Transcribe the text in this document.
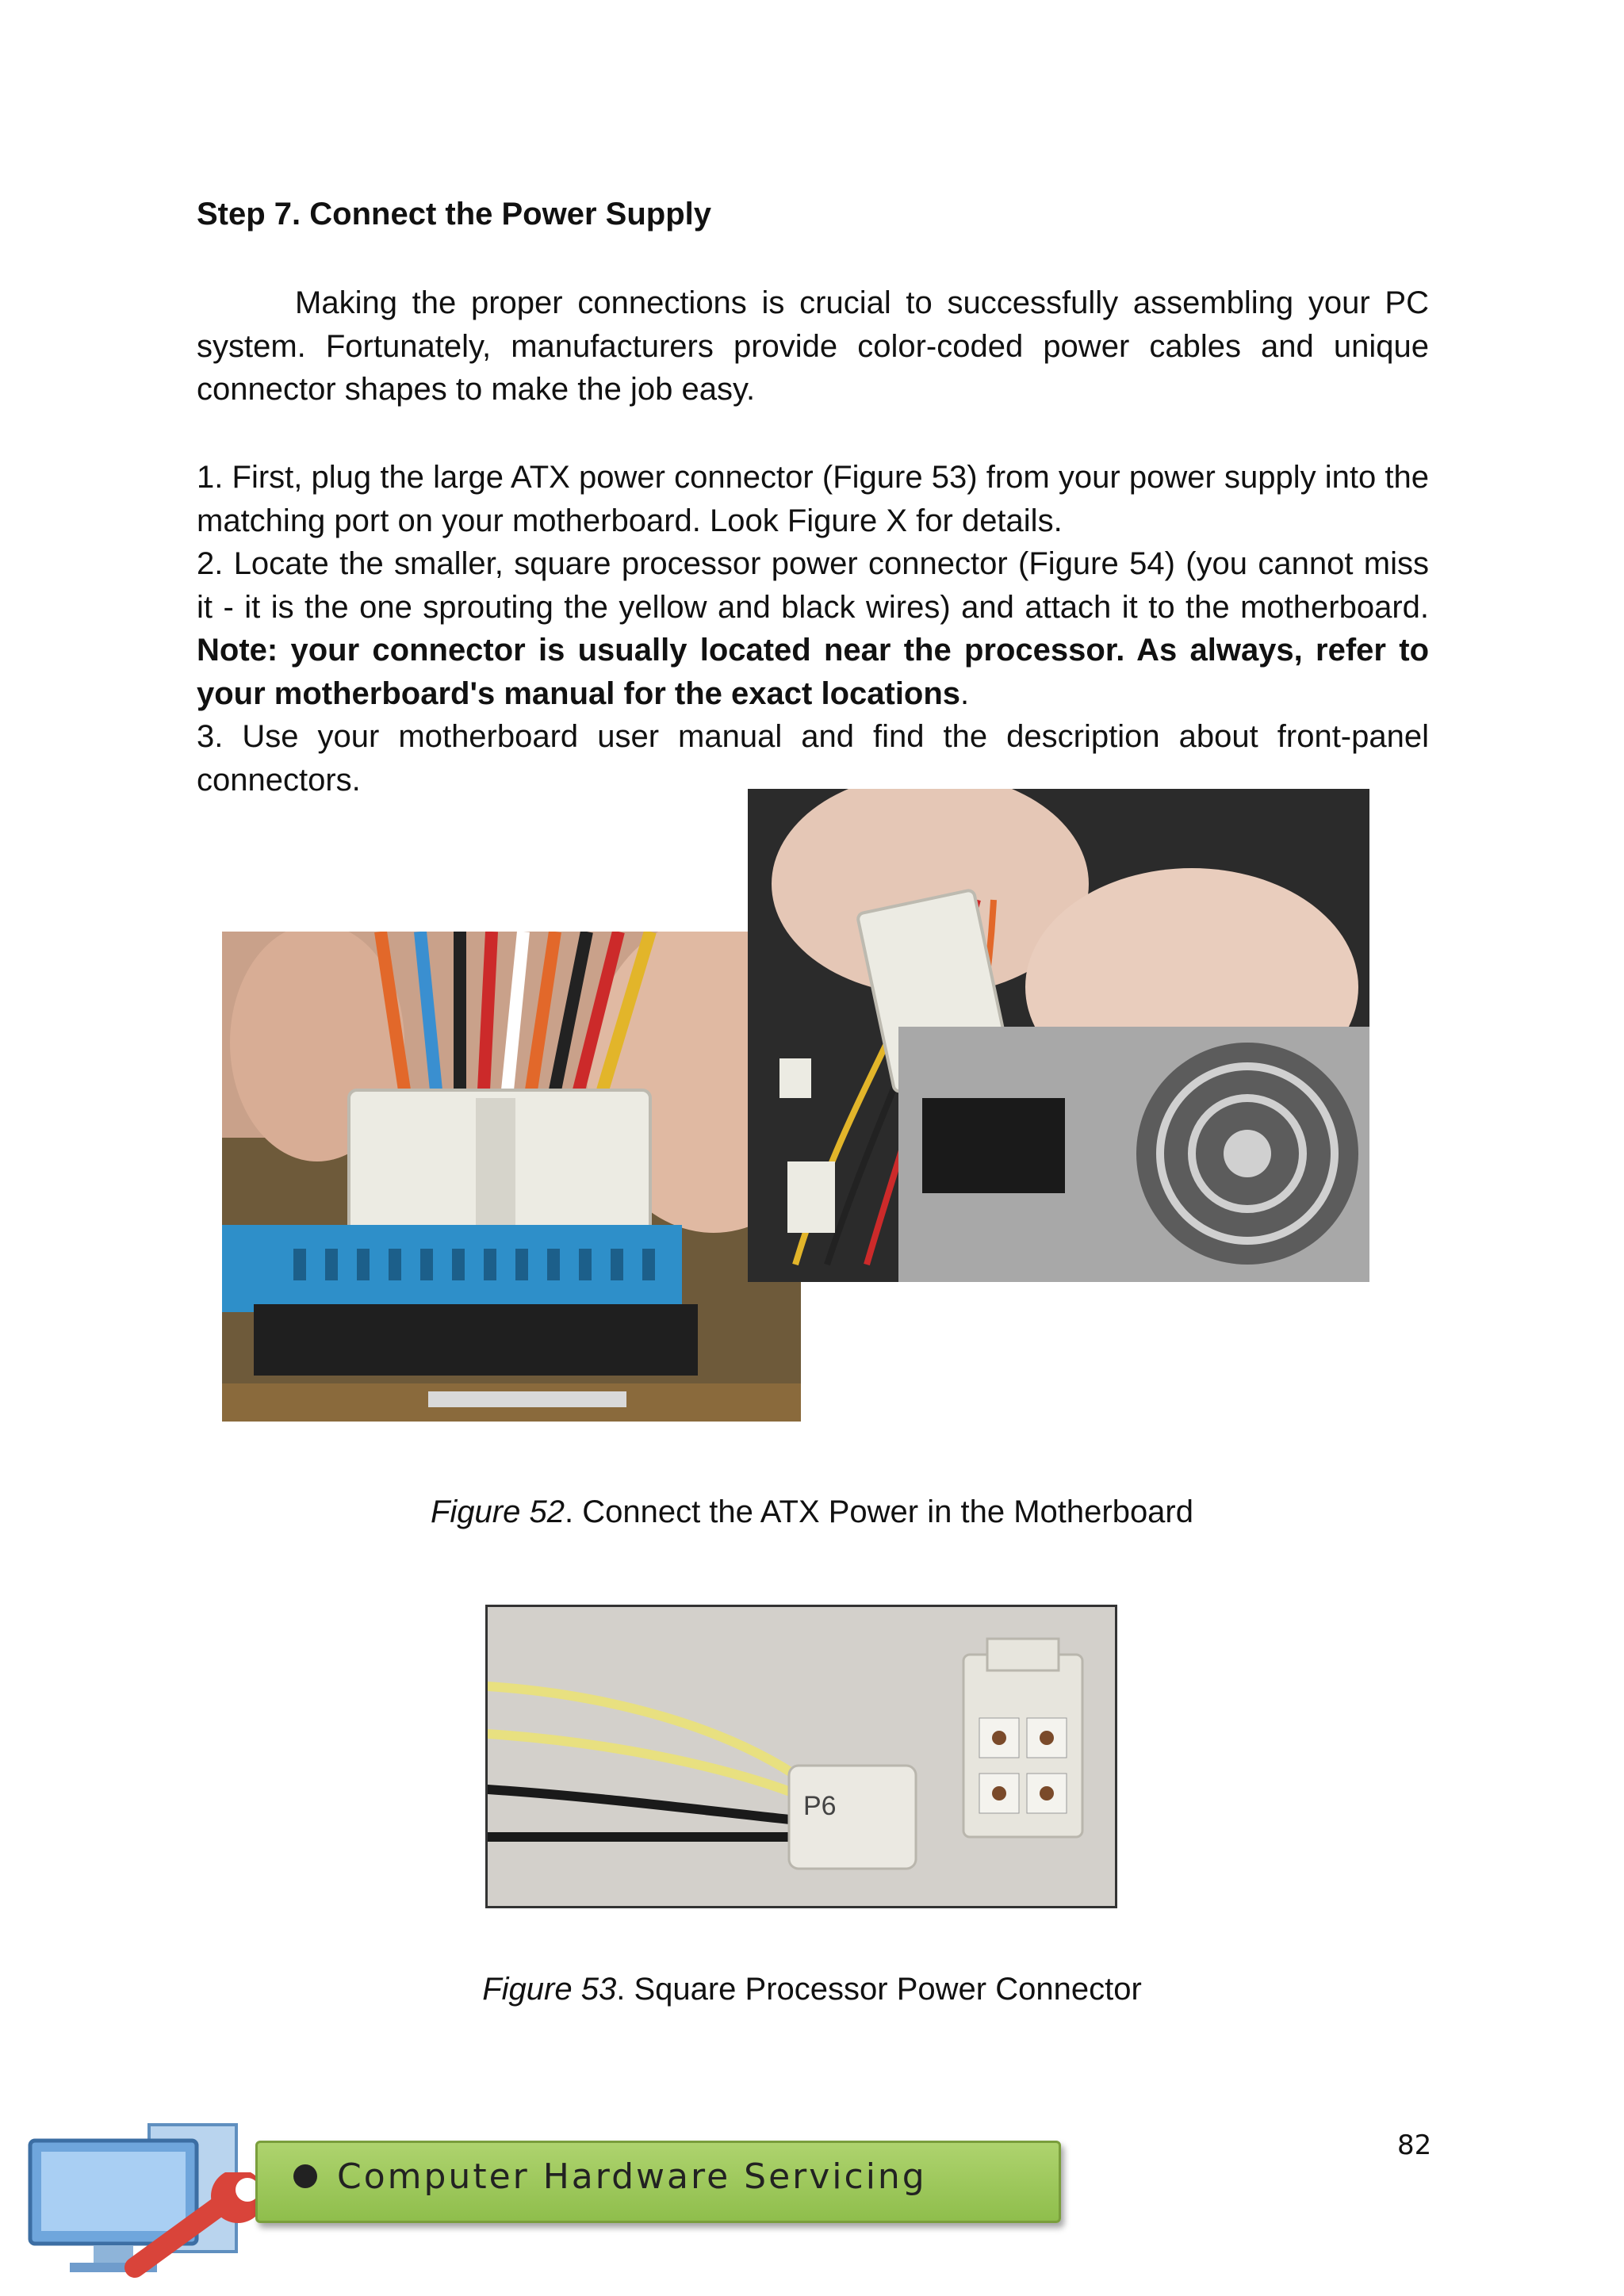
Step 7. Connect the Power Supply

Making the proper connections is crucial to successfully assembling your PC system. Fortunately, manufacturers provide color-coded power cables and unique connector shapes to make the job easy.

1. First, plug the large ATX power connector (Figure 53) from your power supply into the matching port on your motherboard. Look Figure X for details.

2. Locate the smaller, square processor power connector (Figure 54) (you cannot miss it - it is the one sprouting the yellow and black wires) and attach it to the motherboard. Note: your connector is usually located near the processor. As always, refer to your motherboard's manual for the exact locations.

3. Use your motherboard user manual and find the description about front-panel connectors.

Figure 52. Connect the ATX Power in the Motherboard

P6

Figure 53. Square Processor Power Connector

82
Computer Hardware Servicing
